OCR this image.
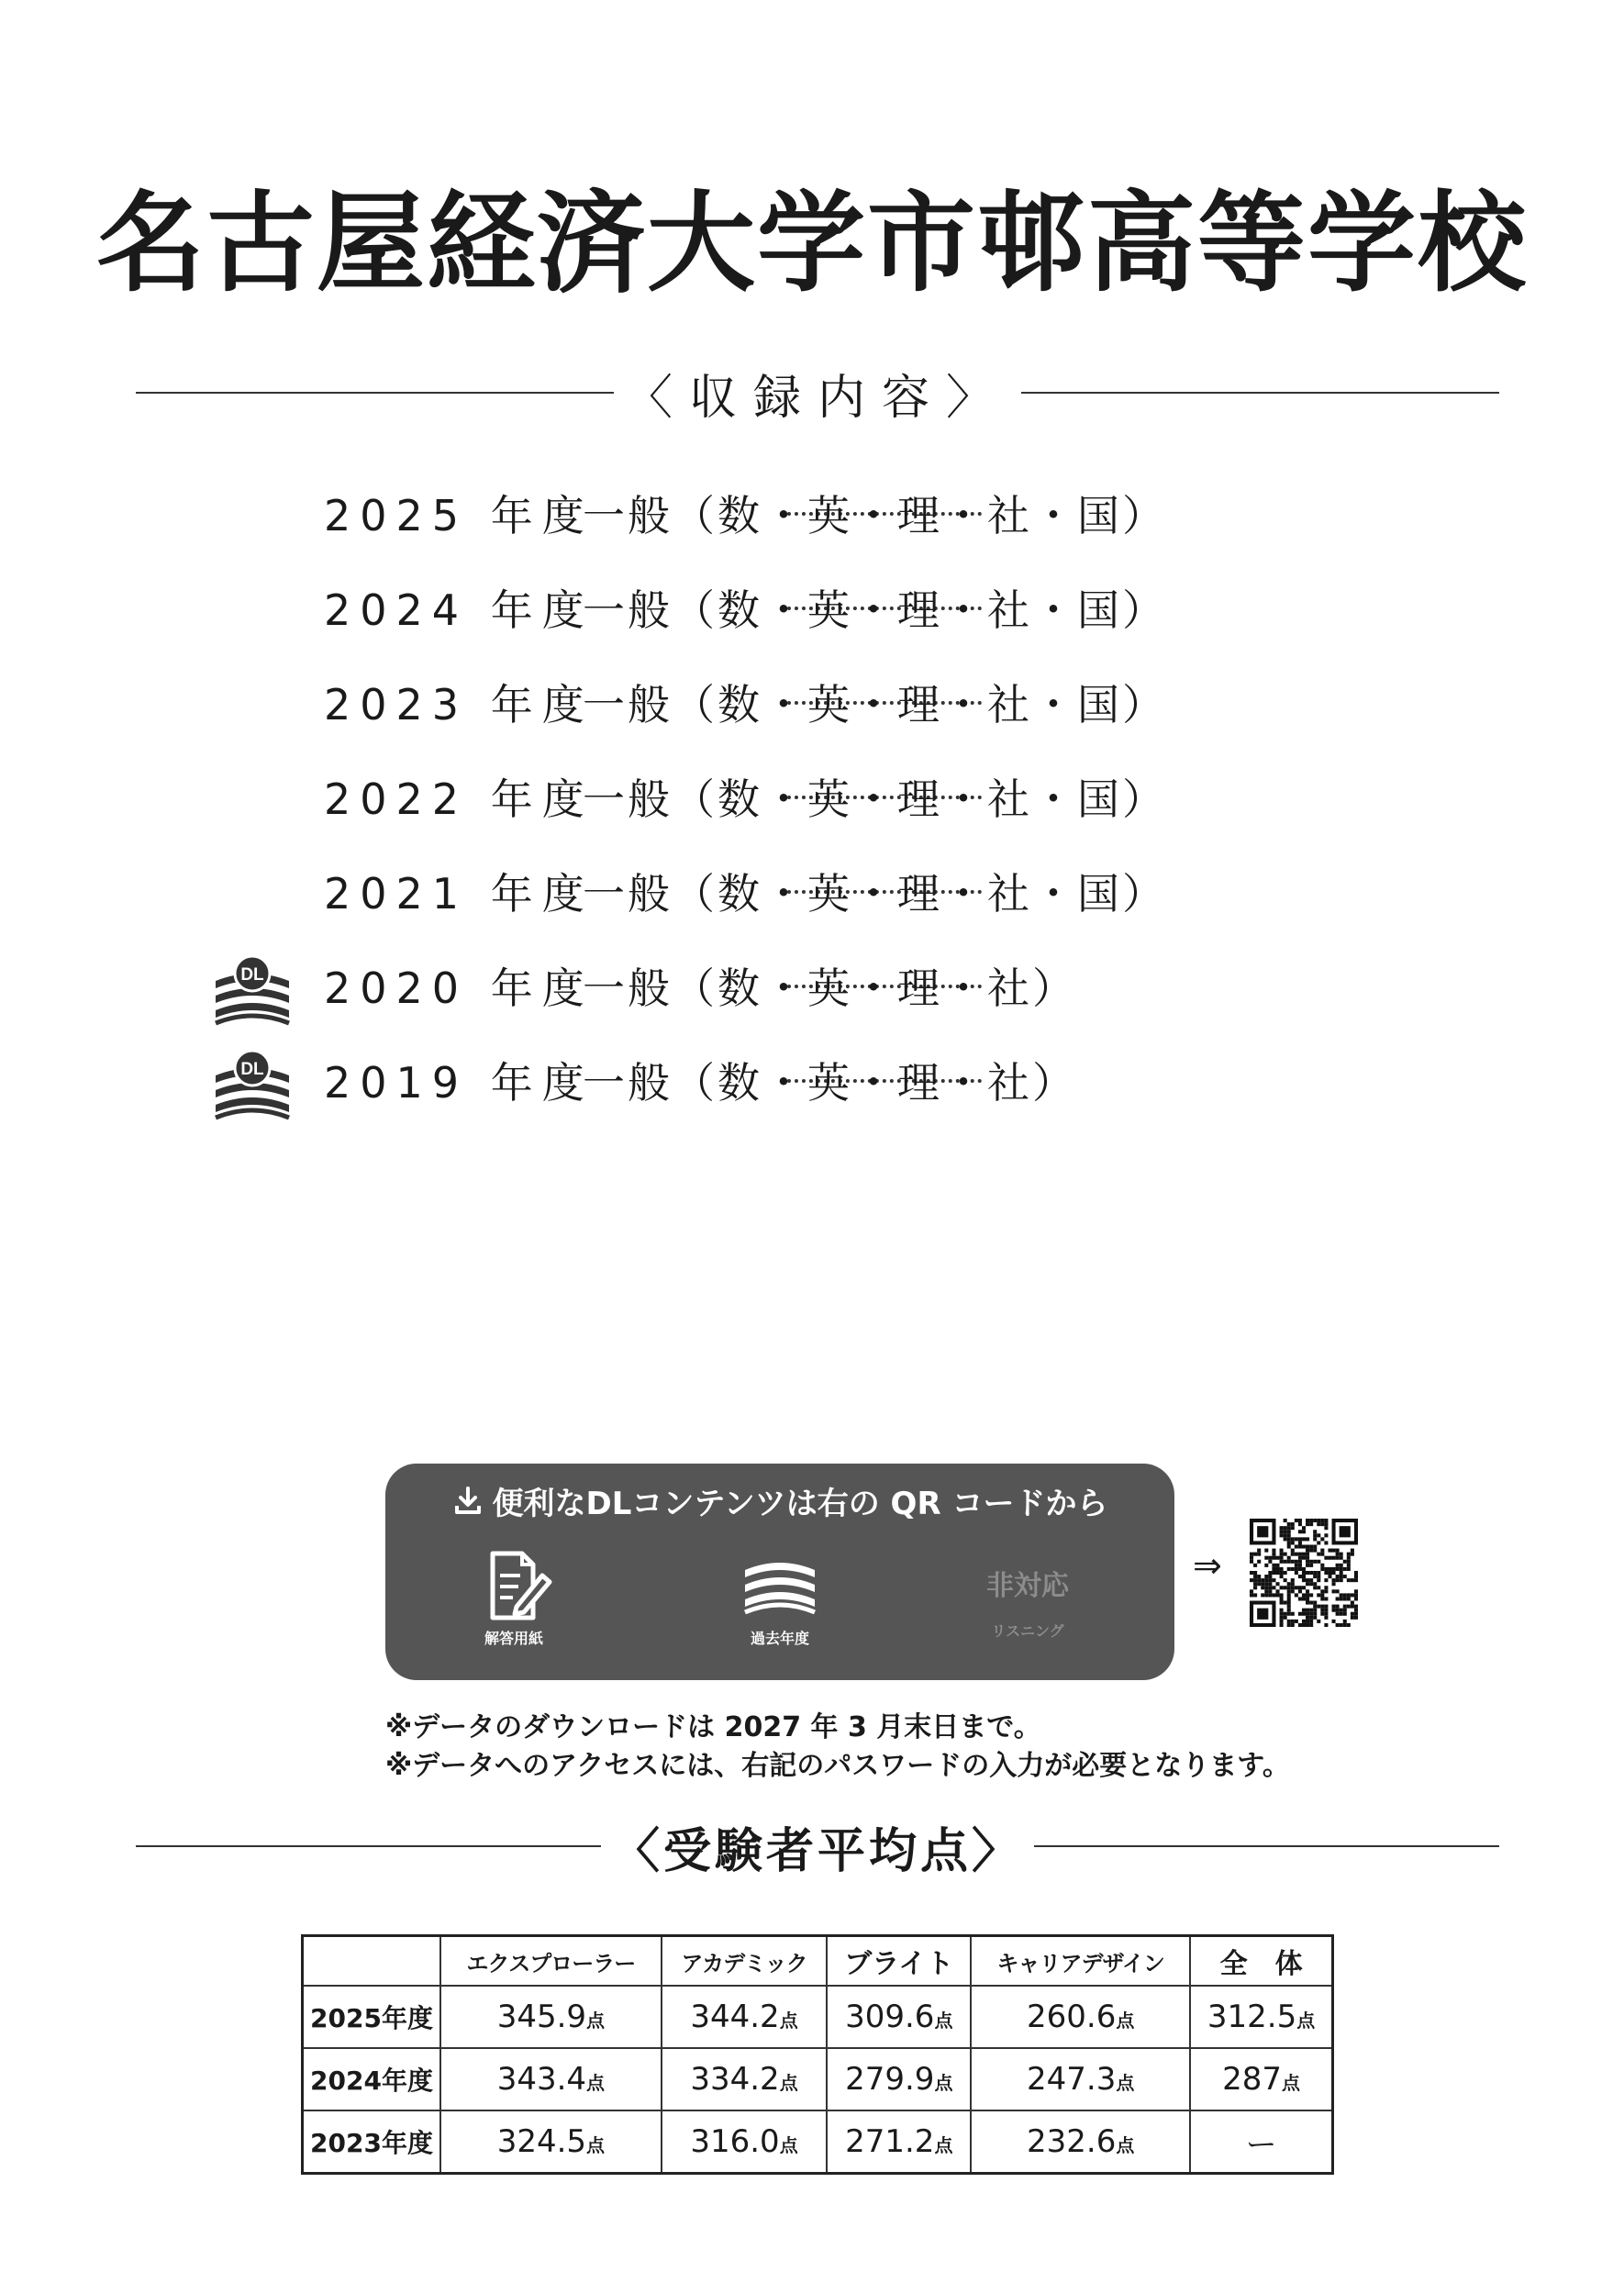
名古屋経済大学市邨高等学校
〈収録内容〉
2025 年度
一般（数・英・理・社・国）
2024 年度
一般（数・英・理・社・国）
2023 年度
一般（数・英・理・社・国）
2022 年度
一般（数・英・理・社・国）
2021 年度
一般（数・英・理・社・国）
DL 2020 年度
一般（数・英・理・社）
DL 2019 年度
一般（数・英・理・社）
便利なDLコンテンツは右の QR コードから
解答用紙	過去年度
非対応
リスニング
⇒
※データのダウンロードは 2027 年 3 月末日まで。
※データへのアクセスには、右記のパスワードの入力が必要となります。
〈受験者平均点〉
	エクスプローラー	アカデミック	ブライト	キャリアデザイン	全　体
2025年度	345.9点	344.2点	309.6点	260.6点	312.5点
2024年度	343.4点	334.2点	279.9点	247.3点	287点
2023年度	324.5点	316.0点	271.2点	232.6点	ー
